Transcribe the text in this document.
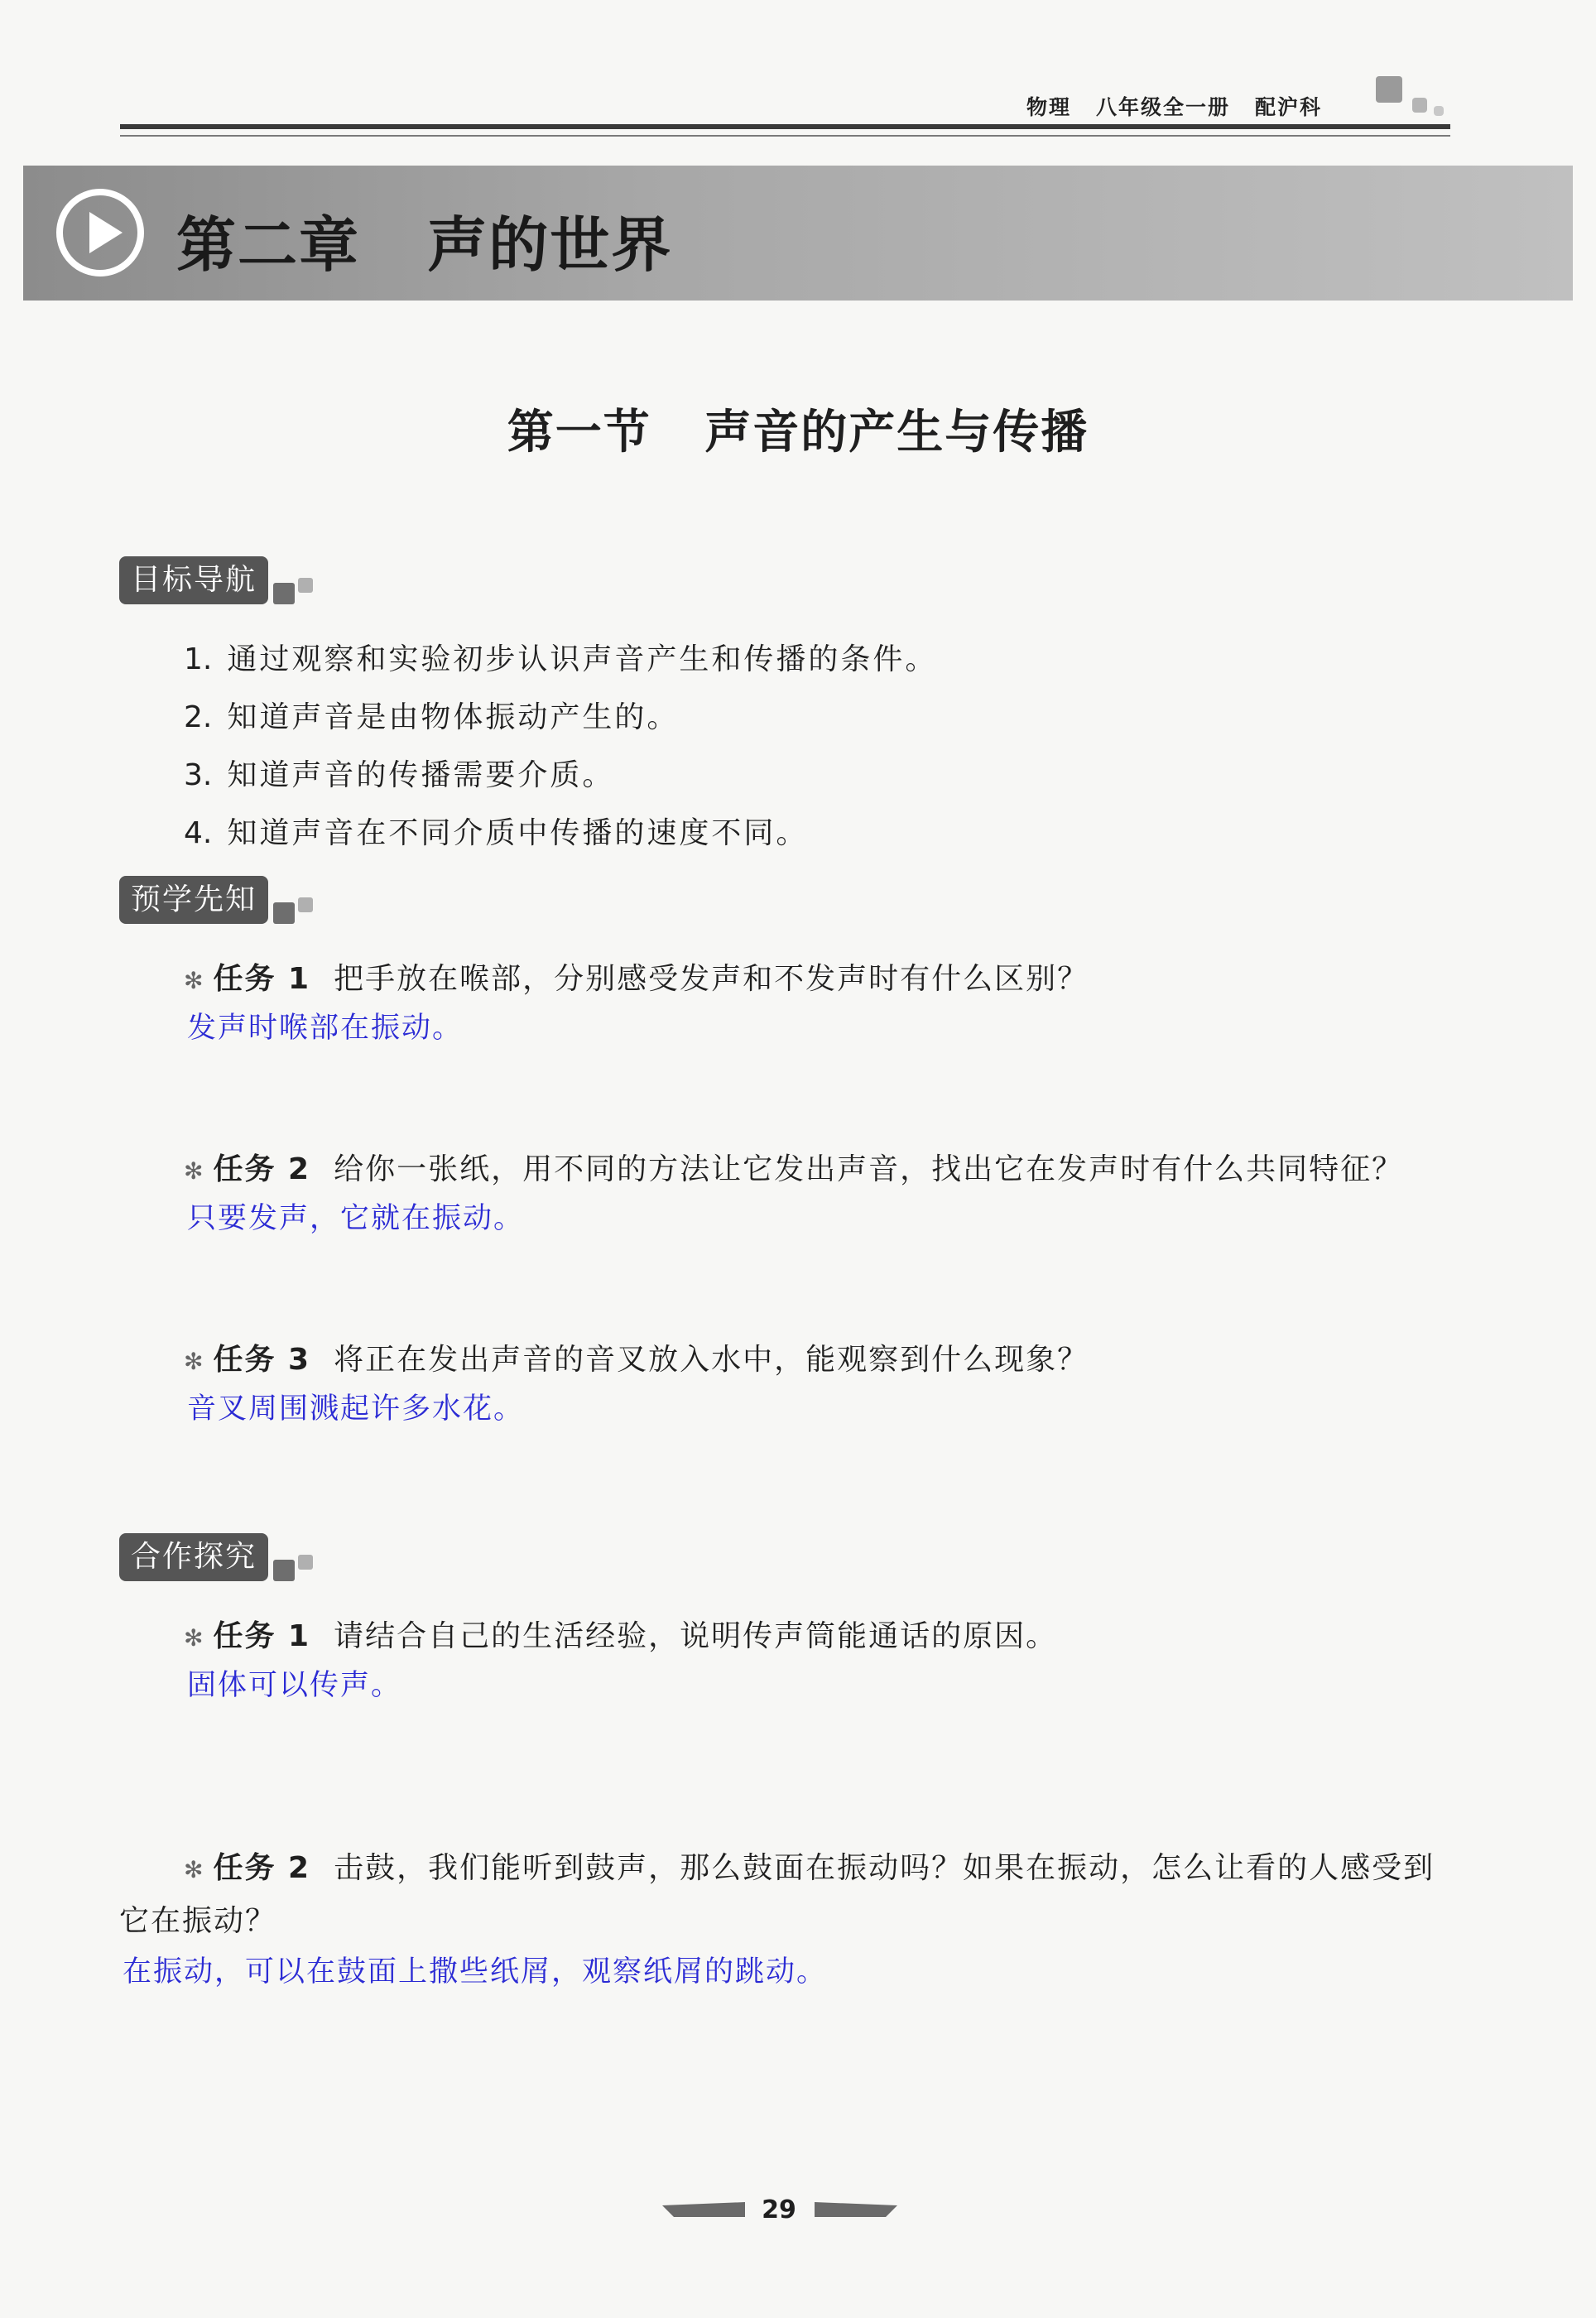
物理 八年级全一册 配沪科
第二章   声的世界
第一节   声音的产生与传播
目标导航
1. 通过观察和实验初步认识声音产生和传播的条件。
2. 知道声音是由物体振动产生的。
3. 知道声音的传播需要介质。
4. 知道声音在不同介质中传播的速度不同。
预学先知
✻ 任务 1 把手放在喉部，分别感受发声和不发声时有什么区别？
发声时喉部在振动。
✻ 任务 2 给你一张纸，用不同的方法让它发出声音，找出它在发声时有什么共同特征？
只要发声，它就在振动。
✻ 任务 3 将正在发出声音的音叉放入水中，能观察到什么现象？
音叉周围溅起许多水花。
合作探究
✻ 任务 1 请结合自己的生活经验，说明传声筒能通话的原因。
固体可以传声。
✻ 任务 2 击鼓，我们能听到鼓声，那么鼓面在振动吗？如果在振动，怎么让看的人感受到
它在振动？
在振动，可以在鼓面上撒些纸屑，观察纸屑的跳动。
29
